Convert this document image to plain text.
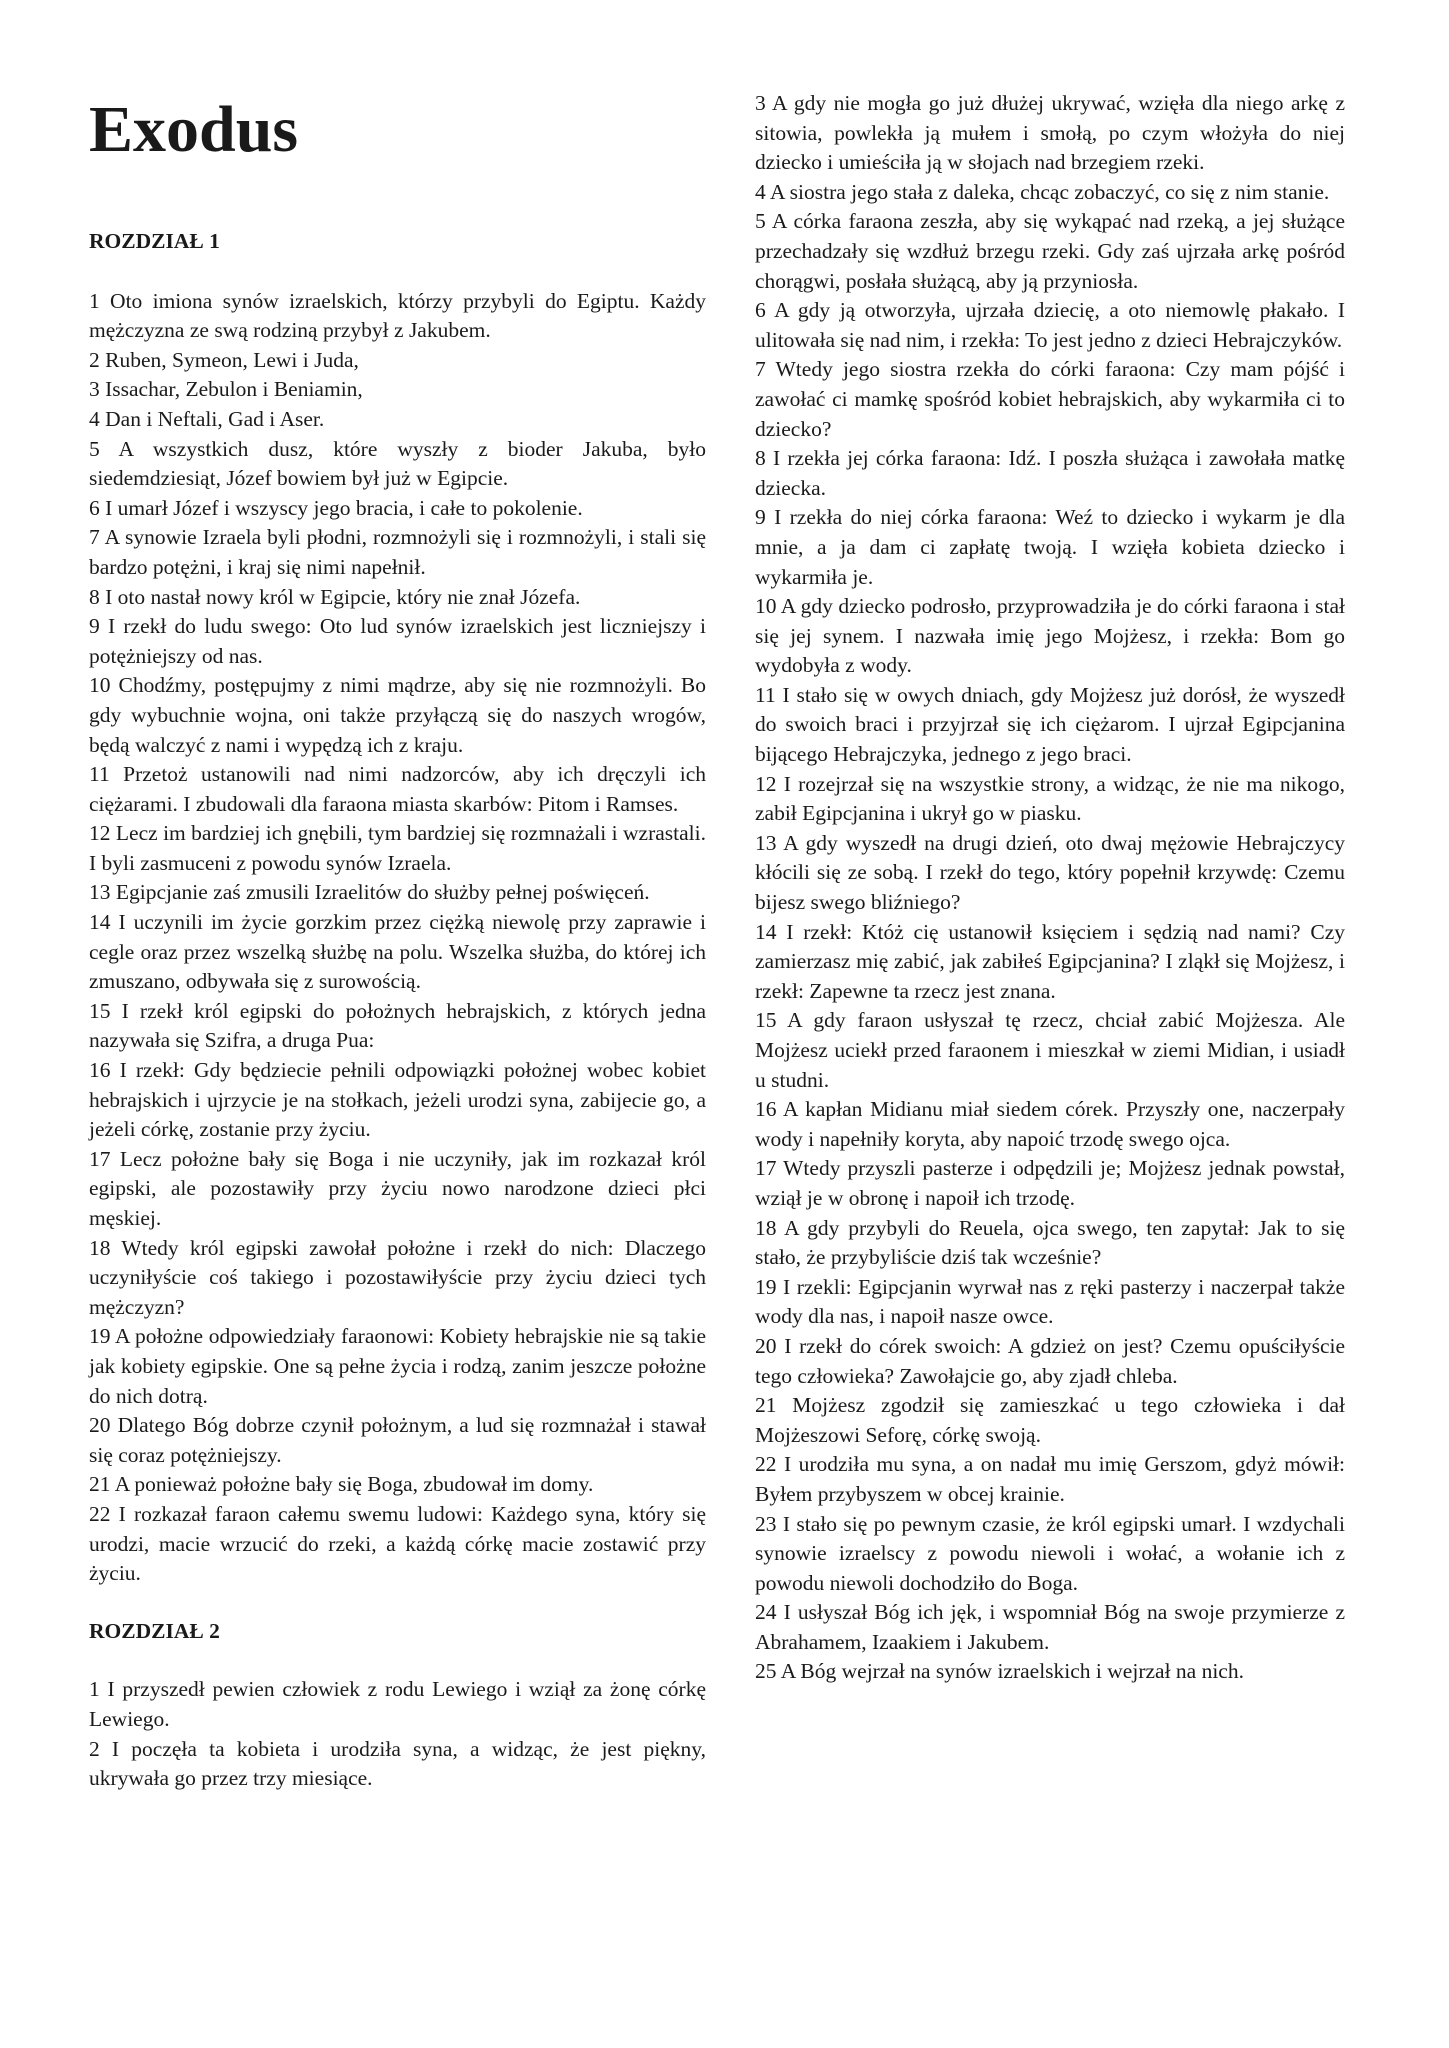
Exodus
ROZDZIAŁ 1

1 Oto imiona synów izraelskich, którzy przybyli do Egiptu. Każdy mężczyzna ze swą rodziną przybył z Jakubem.

2 Ruben, Symeon, Lewi i Juda,

3 Issachar, Zebulon i Beniamin,

4 Dan i Neftali, Gad i Aser.

5 A wszystkich dusz, które wyszły z bioder Jakuba, było siedemdziesiąt, Józef bowiem był już w Egipcie.

6 I umarł Józef i wszyscy jego bracia, i całe to pokolenie.

7 A synowie Izraela byli płodni, rozmnożyli się i rozmnożyli, i stali się bardzo potężni, i kraj się nimi napełnił.

8 I oto nastał nowy król w Egipcie, który nie znał Józefa.

9 I rzekł do ludu swego: Oto lud synów izraelskich jest liczniejszy i potężniejszy od nas.

10 Chodźmy, postępujmy z nimi mądrze, aby się nie rozmnożyli. Bo gdy wybuchnie wojna, oni także przyłączą się do naszych wrogów, będą walczyć z nami i wypędzą ich z kraju.

11 Przetoż ustanowili nad nimi nadzorców, aby ich dręczyli ich ciężarami. I zbudowali dla faraona miasta skarbów: Pitom i Ramses.

12 Lecz im bardziej ich gnębili, tym bardziej się rozmnażali i wzrastali. I byli zasmuceni z powodu synów Izraela.

13 Egipcjanie zaś zmusili Izraelitów do służby pełnej poświęceń.

14 I uczynili im życie gorzkim przez ciężką niewolę przy zaprawie i cegle oraz przez wszelką służbę na polu. Wszelka służba, do której ich zmuszano, odbywała się z surowością.

15 I rzekł król egipski do położnych hebrajskich, z których jedna nazywała się Szifra, a druga Pua:

16 I rzekł: Gdy będziecie pełnili odpowiązki położnej wobec kobiet hebrajskich i ujrzycie je na stołkach, jeżeli urodzi syna, zabijecie go, a jeżeli córkę, zostanie przy życiu.

17 Lecz położne bały się Boga i nie uczyniły, jak im rozkazał król egipski, ale pozostawiły przy życiu nowo narodzone dzieci płci męskiej.

18 Wtedy król egipski zawołał położne i rzekł do nich: Dlaczego uczyniłyście coś takiego i pozostawiłyście przy życiu dzieci tych mężczyzn?

19 A położne odpowiedziały faraonowi: Kobiety hebrajskie nie są takie jak kobiety egipskie. One są pełne życia i rodzą, zanim jeszcze położne do nich dotrą.

20 Dlatego Bóg dobrze czynił położnym, a lud się rozmnażał i stawał się coraz potężniejszy.

21 A ponieważ położne bały się Boga, zbudował im domy.

22 I rozkazał faraon całemu swemu ludowi: Każdego syna, który się urodzi, macie wrzucić do rzeki, a każdą córkę macie zostawić przy życiu.

ROZDZIAŁ 2

1 I przyszedł pewien człowiek z rodu Lewiego i wziął za żonę córkę Lewiego.

2 I poczęła ta kobieta i urodziła syna, a widząc, że jest piękny, ukrywała go przez trzy miesiące.

3 A gdy nie mogła go już dłużej ukrywać, wzięła dla niego arkę z sitowia, powlekła ją mułem i smołą, po czym włożyła do niej dziecko i umieściła ją w słojach nad brzegiem rzeki.

4 A siostra jego stała z daleka, chcąc zobaczyć, co się z nim stanie.

5 A córka faraona zeszła, aby się wykąpać nad rzeką, a jej służące przechadzały się wzdłuż brzegu rzeki. Gdy zaś ujrzała arkę pośród chorągwi, posłała służącą, aby ją przyniosła.

6 A gdy ją otworzyła, ujrzała dziecię, a oto niemowlę płakało. I ulitowała się nad nim, i rzekła: To jest jedno z dzieci Hebrajczyków.

7 Wtedy jego siostra rzekła do córki faraona: Czy mam pójść i zawołać ci mamkę spośród kobiet hebrajskich, aby wykarmiła ci to dziecko?

8 I rzekła jej córka faraona: Idź. I poszła służąca i zawołała matkę dziecka.

9 I rzekła do niej córka faraona: Weź to dziecko i wykarm je dla mnie, a ja dam ci zapłatę twoją. I wzięła kobieta dziecko i wykarmiła je.

10 A gdy dziecko podrosło, przyprowadziła je do córki faraona i stał się jej synem. I nazwała imię jego Mojżesz, i rzekła: Bom go wydobyła z wody.

11 I stało się w owych dniach, gdy Mojżesz już dorósł, że wyszedł do swoich braci i przyjrzał się ich ciężarom. I ujrzał Egipcjanina bijącego Hebrajczyka, jednego z jego braci.

12 I rozejrzał się na wszystkie strony, a widząc, że nie ma nikogo, zabił Egipcjanina i ukrył go w piasku.

13 A gdy wyszedł na drugi dzień, oto dwaj mężowie Hebrajczycy kłócili się ze sobą. I rzekł do tego, który popełnił krzywdę: Czemu bijesz swego bliźniego?

14 I rzekł: Któż cię ustanowił księciem i sędzią nad nami? Czy zamierzasz mię zabić, jak zabiłeś Egipcjanina? I zląkł się Mojżesz, i rzekł: Zapewne ta rzecz jest znana.

15 A gdy faraon usłyszał tę rzecz, chciał zabić Mojżesza. Ale Mojżesz uciekł przed faraonem i mieszkał w ziemi Midian, i usiadł u studni.

16 A kapłan Midianu miał siedem córek. Przyszły one, naczerpały wody i napełniły koryta, aby napoić trzodę swego ojca.

17 Wtedy przyszli pasterze i odpędzili je; Mojżesz jednak powstał, wziął je w obronę i napoił ich trzodę.

18 A gdy przybyli do Reuela, ojca swego, ten zapytał: Jak to się stało, że przybyliście dziś tak wcześnie?

19 I rzekli: Egipcjanin wyrwał nas z ręki pasterzy i naczerpał także wody dla nas, i napoił nasze owce.

20 I rzekł do córek swoich: A gdzież on jest? Czemu opuściłyście tego człowieka? Zawołajcie go, aby zjadł chleba.

21 Mojżesz zgodził się zamieszkać u tego człowieka i dał Mojżeszowi Seforę, córkę swoją.

22 I urodziła mu syna, a on nadał mu imię Gerszom, gdyż mówił: Byłem przybyszem w obcej krainie.

23 I stało się po pewnym czasie, że król egipski umarł. I wzdychali synowie izraelscy z powodu niewoli i wołać, a wołanie ich z powodu niewoli dochodziło do Boga.

24 I usłyszał Bóg ich jęk, i wspomniał Bóg na swoje przymierze z Abrahamem, Izaakiem i Jakubem.

25 A Bóg wejrzał na synów izraelskich i wejrzał na nich.
